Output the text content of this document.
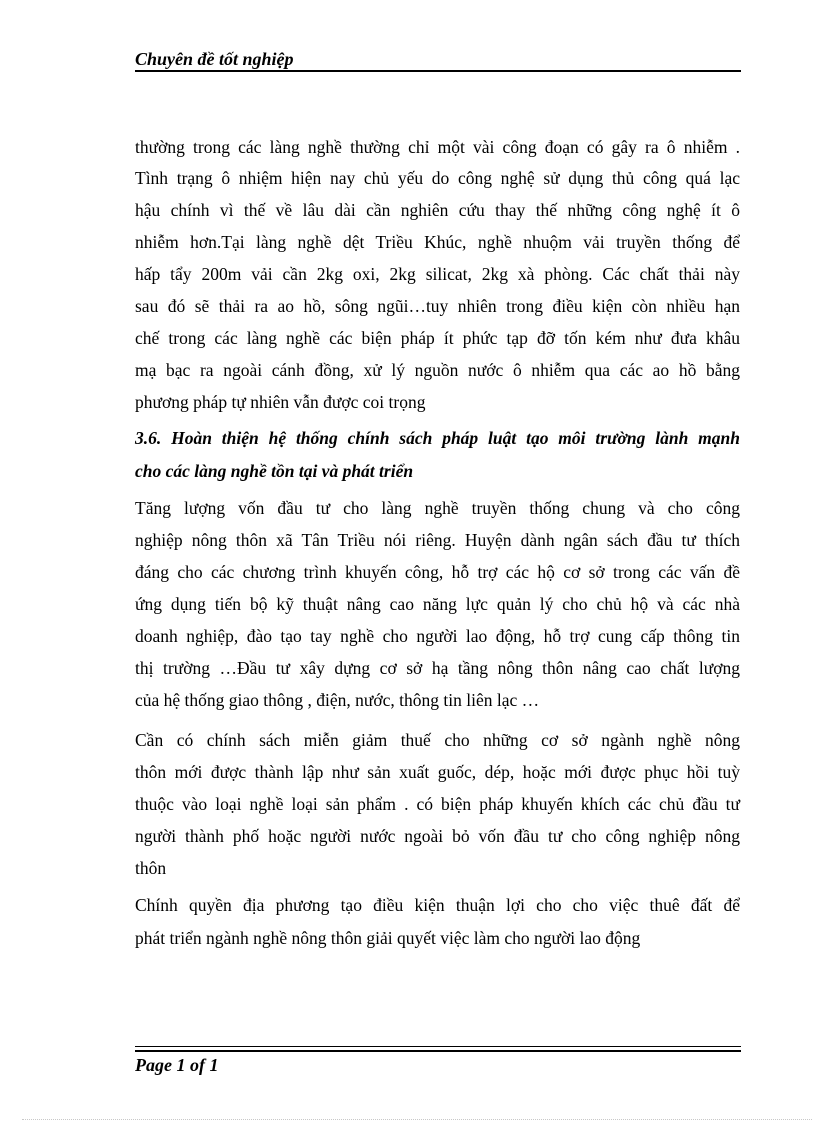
Chuyên đề tốt nghiệp
thường trong các làng nghề thường chỉ một vài công đoạn có gây ra ô nhiễm .
Tình trạng ô nhiệm hiện nay chủ yếu do công nghệ sử dụng thủ công quá lạc
hậu chính vì thế về lâu dài cần nghiên cứu thay thế những công nghệ ít ô
nhiễm hơn.Tại làng nghề dệt Triều Khúc, nghề nhuộm vải truyền thống để
hấp tẩy 200m vải cần 2kg oxi, 2kg silicat, 2kg xà phòng. Các chất thải này
sau đó sẽ thải ra ao hồ, sông ngũi…tuy nhiên trong điều kiện còn nhiều hạn
chế trong các làng nghề các biện pháp ít phức tạp đỡ tốn kém như đưa khâu
mạ bạc ra ngoài cánh đồng, xử lý nguồn nước ô nhiễm qua các ao hồ bằng
phương pháp tự nhiên vẫn được coi trọng
3.6. Hoàn thiện hệ thống chính sách pháp luật tạo môi trường lành mạnh
cho các làng nghề tồn tại và phát triển
Tăng lượng vốn đầu tư cho làng nghề truyền thống chung và cho công
nghiệp nông thôn xã Tân Triều nói riêng. Huyện dành ngân sách đầu tư thích
đáng cho các chương trình khuyến công, hỗ trợ các hộ cơ sở trong các vấn đề
ứng dụng tiến bộ kỹ thuật nâng cao năng lực quản lý cho chủ hộ và các nhà
doanh nghiệp, đào tạo tay nghề cho người lao động, hỗ trợ cung cấp thông tin
thị trường …Đầu tư xây dựng cơ sở hạ tầng nông thôn nâng cao chất lượng
của hệ thống giao thông , điện, nước, thông tin liên lạc …
Cần có chính sách miễn giảm thuế cho những cơ sở ngành nghề nông
thôn mới được thành lập như sản xuất guốc, dép, hoặc mới được phục hồi tuỳ
thuộc vào loại nghề loại sản phẩm . có biện pháp khuyến khích các chủ đầu tư
người thành phố hoặc người nước ngoài bỏ vốn đầu tư cho công nghiệp nông
thôn
Chính quyền địa phương tạo điều kiện thuận lợi cho cho việc thuê đất để
phát triển ngành nghề nông thôn giải quyết việc làm cho người lao động
Page 1 of 1
